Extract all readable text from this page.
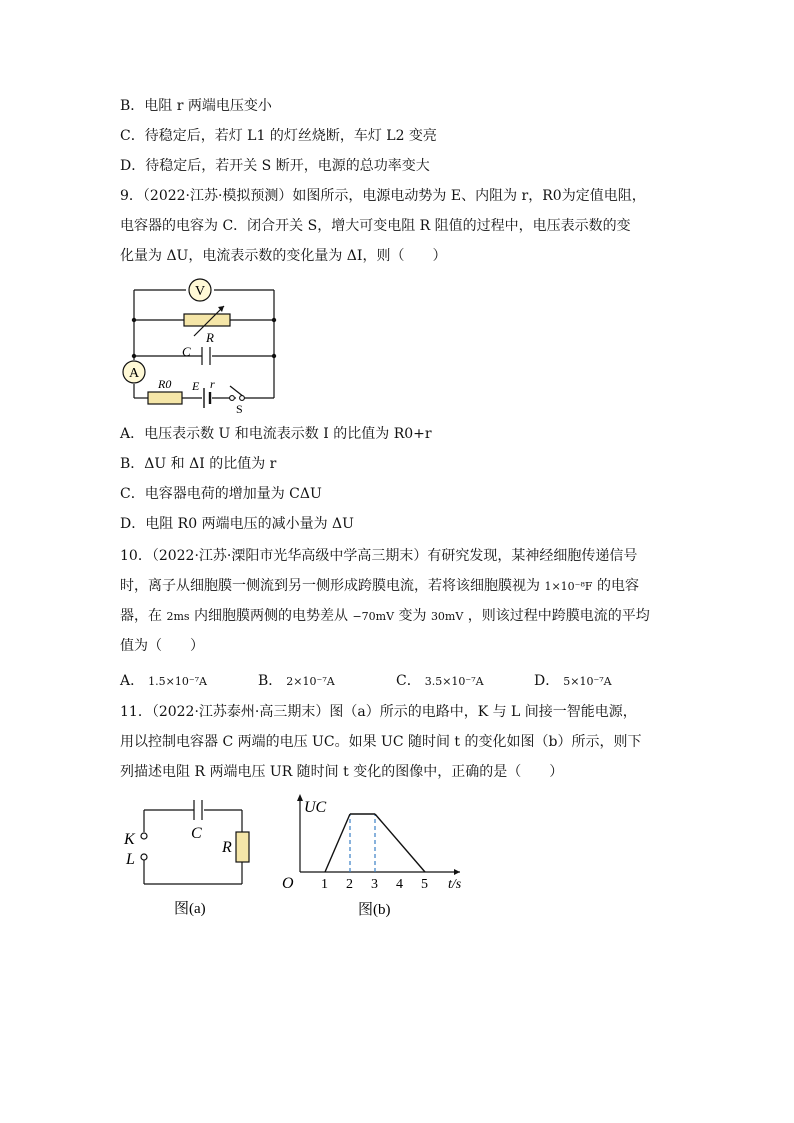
B．电阻 r 两端电压变小
C．待稳定后，若灯 L1 的灯丝烧断，车灯 L2 变亮
D．待稳定后，若开关 S 断开，电源的总功率变大
9．（2022·江苏·模拟预测）如图所示，电源电动势为 E、内阻为 r，R0为定值电阻，
电容器的电容为 C．闭合开关 S，增大可变电阻 R 阻值的过程中，电压表示数的变
化量为 ΔU，电流表示数的变化量为 ΔI，则（　　）
V
R
C
A
R0 E r
S
A．电压表示数 U 和电流表示数 I 的比值为 R0+r
B．ΔU 和 ΔI 的比值为 r
C．电容器电荷的增加量为 CΔU
D．电阻 R0 两端电压的减小量为 ΔU
10．（2022·江苏·溧阳市光华高级中学高三期末）有研究发现，某神经细胞传递信号
时，离子从细胞膜一侧流到另一侧形成跨膜电流，若将该细胞膜视为 1×10⁻⁸F 的电容
器，在 2ms 内细胞膜两侧的电势差从 −70mV 变为 30mV ，则该过程中跨膜电流的平均
值为（　　）
A． 1.5×10⁻⁷A	B． 2×10⁻⁷A	C． 3.5×10⁻⁷A	D． 5×10⁻⁷A
11．（2022·江苏泰州·高三期末）图（a）所示的电路中，K 与 L 间接一智能电源，
用以控制电容器 C 两端的电压 UC。如果 UC 随时间 t 的变化如图（b）所示，则下
列描述电阻 R 两端电压 UR 随时间 t 变化的图像中，正确的是（　　）
K
L
C
R
图(a)
UC
t/s
O 1 2 3 4 5
图(b)
